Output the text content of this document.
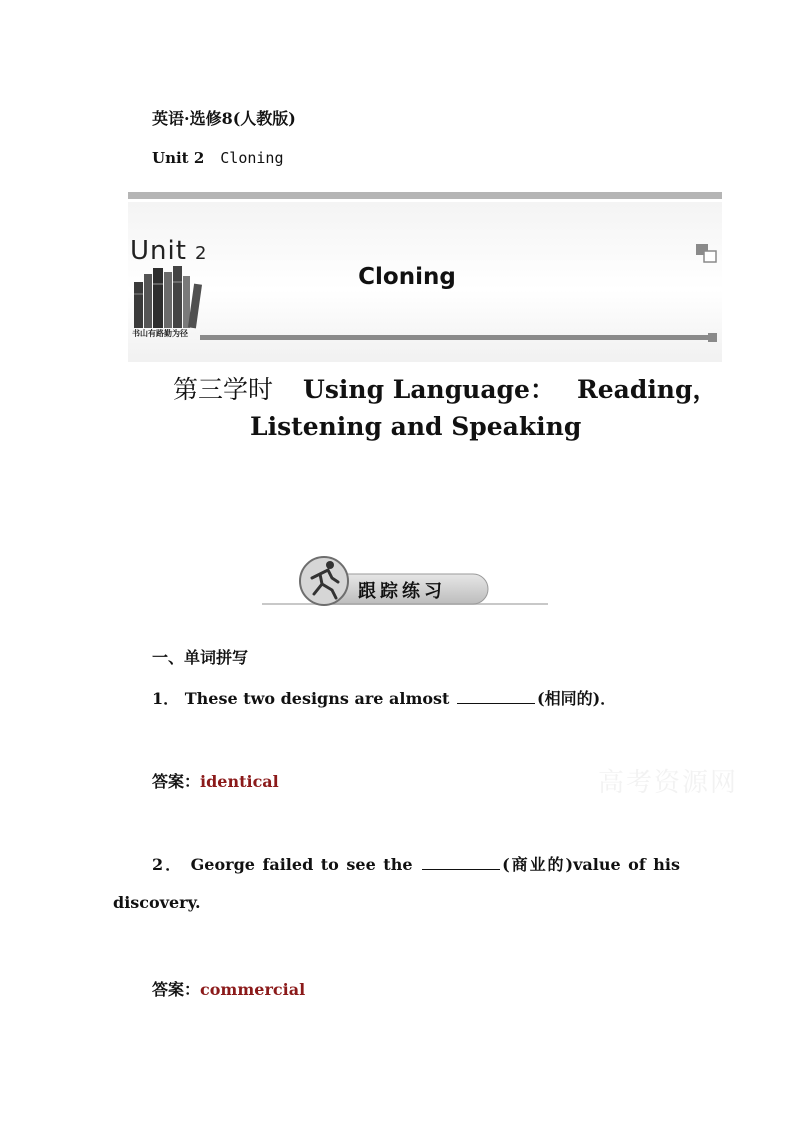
英语·选修8(人教版)
Unit 2 Cloning
Unit 2
Cloning
书山有路勤为径
第三学时 Using Language： Reading，
Listening and Speaking
跟踪练习
一、单词拼写
1． These two designs are almost	(相同的)．
答案：identical
2． George failed to see the	(商业的)value of his
discovery.
答案：commercial
高考资源网
